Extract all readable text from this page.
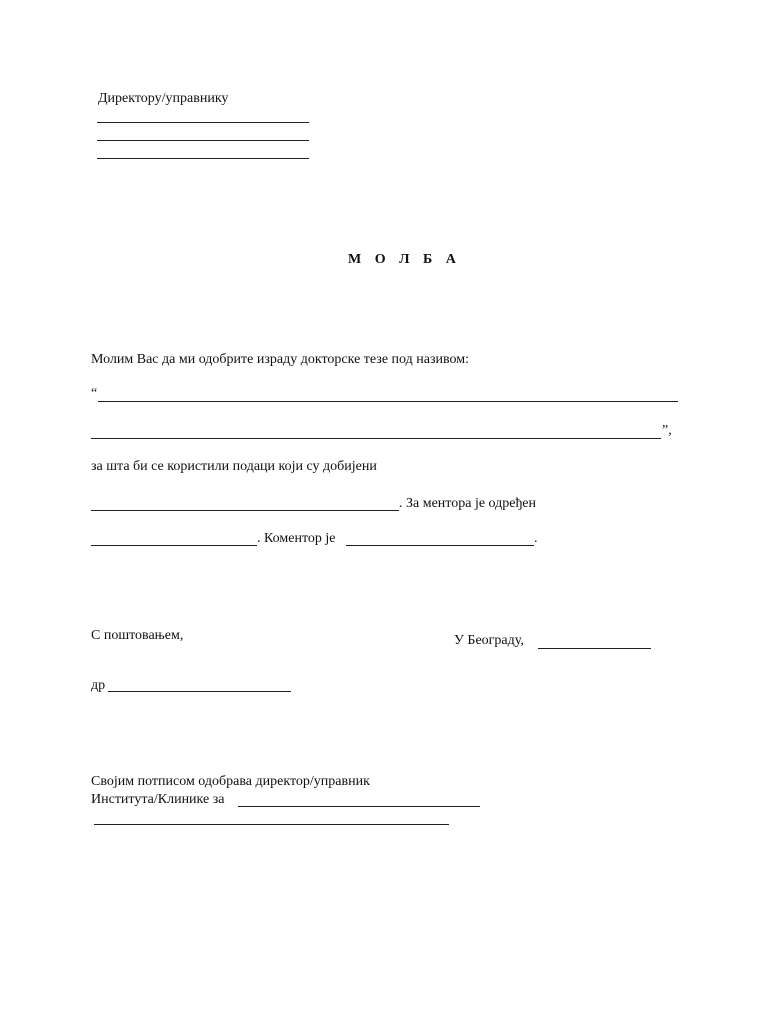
Директору/управнику
М О Л Б А
Молим Вас да ми одобрите израду докторске тезе под називом:
“
”,
за шта би се користили подаци који су добијени
. За ментора је одређен
. Коментор је	.
С поштовањем,	У Београду,
др
Својим потписом одобрава директор/управник
Института/Клинике за
